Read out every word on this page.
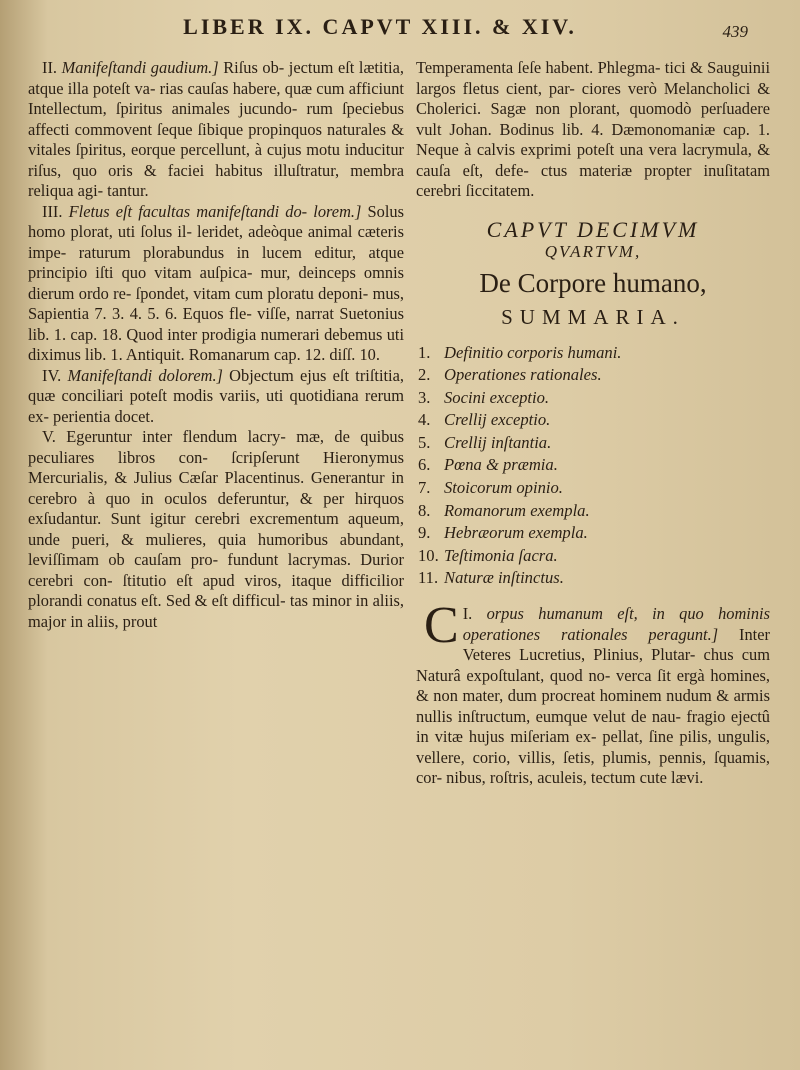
LIBER IX. CAPVT XIII. & XIV.	439

II. Manifeſtandi gaudium.] Riſus ob- jectum eſt lætitia, atque illa poteſt va- rias cauſas habere, quæ cum afficiunt Intellectum, ſpiritus animales jucundo- rum ſpeciebus affecti commovent ſeque ſibique propinquos naturales & vitales ſpiritus, eorque percellunt, à cujus motu inducitur riſus, quo oris & faciei habitus illuſtratur, membra reliqua agi- tantur.

III. Fletus eſt facultas manifeſtandi do- lorem.] Solus homo plorat, uti ſolus il- leridet, adeòque animal cæteris impe- raturum plorabundus in lucem editur, atque principio iſti quo vitam auſpica- mur, deinceps omnis dierum ordo re- ſpondet, vitam cum ploratu deponi- mus, Sapientia 7. 3. 4. 5. 6. Equos fle- viſſe, narrat Suetonius lib. 1. cap. 18. Quod inter prodigia numerari debemus uti diximus lib. 1. Antiquit. Romanarum cap. 12. diſſ. 10.

IV. Manifeſtandi dolorem.] Objectum ejus eſt triſtitia, quæ conciliari poteſt modis variis, uti quotidiana rerum ex- perientia docet.

V. Egeruntur inter flendum lacry- mæ, de quibus peculiares libros con- ſcripſerunt Hieronymus Mercurialis, & Julius Cæſar Placentinus. Generantur in cerebro à quo in oculos deferuntur, & per hirquos exſudantur. Sunt igitur cerebri excrementum aqueum, unde pueri, & mulieres, quia humoribus abundant, leviſſimam ob cauſam pro- fundunt lacrymas. Durior cerebri con- ſtitutio eſt apud viros, itaque difficilior plorandi conatus eſt. Sed & eſt difficul- tas minor in aliis, major in aliis, prout

Temperamenta ſeſe habent. Phlegma- tici & Sauguinii largos fletus cient, par- ciores verò Melancholici & Cholerici. Sagæ non plorant, quomodò perſuadere vult Johan. Bodinus lib. 4. Dæmonomaniæ cap. 1. Neque à calvis exprimi poteſt una vera lacrymula, & cauſa eſt, defe- ctus materiæ propter inuſitatam cerebri ſiccitatem.

CAPVT DECIMVM
QVARTVM,
De Corpore humano,
SUMMARIA.
1. Definitio corporis humani.
2. Operationes rationales.
3. Socini exceptio.
4. Crellij exceptio.
5. Crellij inſtantia.
6. Pœna & præmia.
7. Stoicorum opinio.
8. Romanorum exempla.
9. Hebræorum exempla.
10. Teſtimonia ſacra.
11. Naturæ inſtinctus.

I.
C orpus humanum eſt, in quo hominis operationes rationales peragunt.] Inter Veteres Lucretius, Plinius, Plutar- chus cum Naturâ expoſtulant, quod no- verca ſit ergà homines, & non mater, dum procreat hominem nudum & armis nullis inſtructum, eumque velut de nau- fragio ejectû in vitæ hujus miſeriam ex- pellat, ſine pilis, ungulis, vellere, corio, villis, ſetis, plumis, pennis, ſquamis, cor- nibus, roſtris, aculeis, tectum cute lævi.
